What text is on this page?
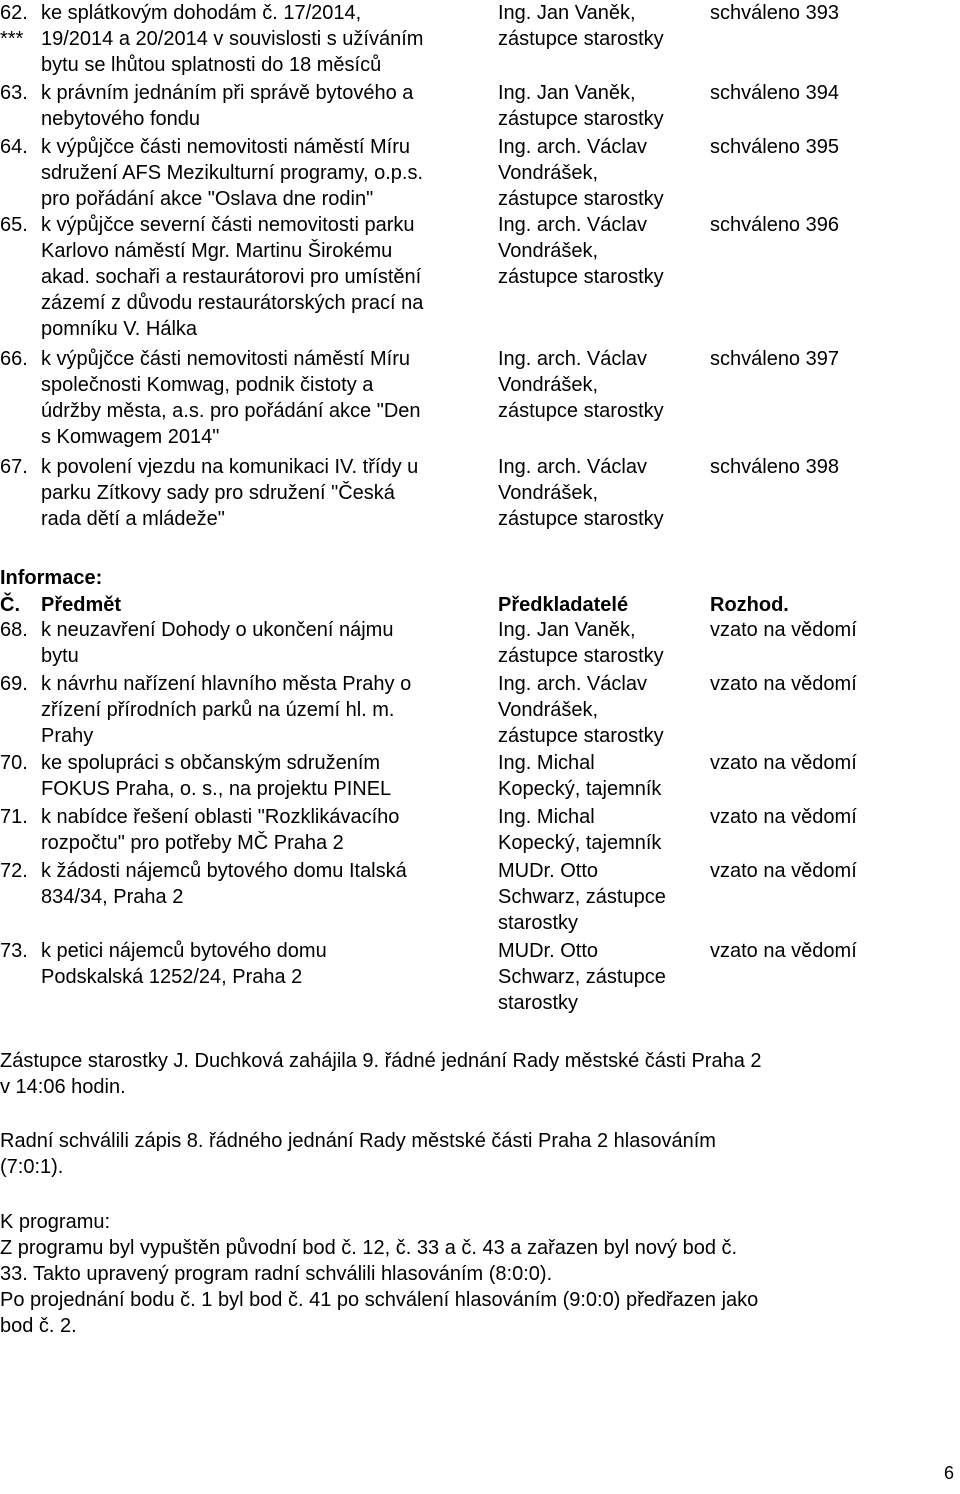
62.
***
ke splátkovým dohodám č. 17/2014,
19/2014 a 20/2014 v souvislosti s užíváním
bytu se lhůtou splatnosti do 18 měsíců
Ing. Jan Vaněk,
zástupce starostky
schváleno 393
63. k právním jednáním při správě bytového a
nebytového fondu
Ing. Jan Vaněk,
zástupce starostky
schváleno 394
64. k výpůjčce části nemovitosti náměstí Míru
sdružení AFS Mezikulturní programy, o.p.s.
pro pořádání akce "Oslava dne rodin"
Ing. arch. Václav
Vondrášek,
zástupce starostky
schváleno 395
65. k výpůjčce severní části nemovitosti parku
Karlovo náměstí Mgr. Martinu Širokému
akad. sochaři a restaurátorovi pro umístění
zázemí z důvodu restaurátorských prací na
pomníku V. Hálka
Ing. arch. Václav
Vondrášek,
zástupce starostky
schváleno 396
66. k výpůjčce části nemovitosti náměstí Míru
společnosti Komwag, podnik čistoty a
údržby města, a.s. pro pořádání akce "Den
s Komwagem 2014"
Ing. arch. Václav
Vondrášek,
zástupce starostky
schváleno 397
67. k povolení vjezdu na komunikaci IV. třídy u
parku Zítkovy sady pro sdružení "Česká
rada dětí a mládeže"
Ing. arch. Václav
Vondrášek,
zástupce starostky
schváleno 398
Informace:
Č. Předmět	Předkladatelé	Rozhod.
68. k neuzavření Dohody o ukončení nájmu
bytu
Ing. Jan Vaněk,
zástupce starostky
vzato na vědomí
69. k návrhu nařízení hlavního města Prahy o
zřízení přírodních parků na území hl. m.
Prahy
Ing. arch. Václav
Vondrášek,
zástupce starostky
vzato na vědomí
70. ke spolupráci s občanským sdružením
FOKUS Praha, o. s., na projektu PINEL
Ing. Michal
Kopecký, tajemník
vzato na vědomí
71. k nabídce řešení oblasti "Rozklikávacího
rozpočtu" pro potřeby MČ Praha 2
Ing. Michal
Kopecký, tajemník
vzato na vědomí
72. k žádosti nájemců bytového domu Italská
834/34, Praha 2
MUDr. Otto
Schwarz, zástupce
starostky
vzato na vědomí
73. k petici nájemců bytového domu
Podskalská 1252/24, Praha 2
MUDr. Otto
Schwarz, zástupce
starostky
vzato na vědomí
Zástupce starostky J. Duchková zahájila 9. řádné jednání Rady městské části Praha 2
v 14:06 hodin.
Radní schválili zápis 8. řádného jednání Rady městské části Praha 2 hlasováním
(7:0:1).
K programu:
Z programu byl vypuštěn původní bod č. 12, č. 33 a č. 43 a zařazen byl nový bod č.
33. Takto upravený program radní schválili hlasováním (8:0:0).
Po projednání bodu č. 1 byl bod č. 41 po schválení hlasováním (9:0:0) předřazen jako
bod č. 2.
6
